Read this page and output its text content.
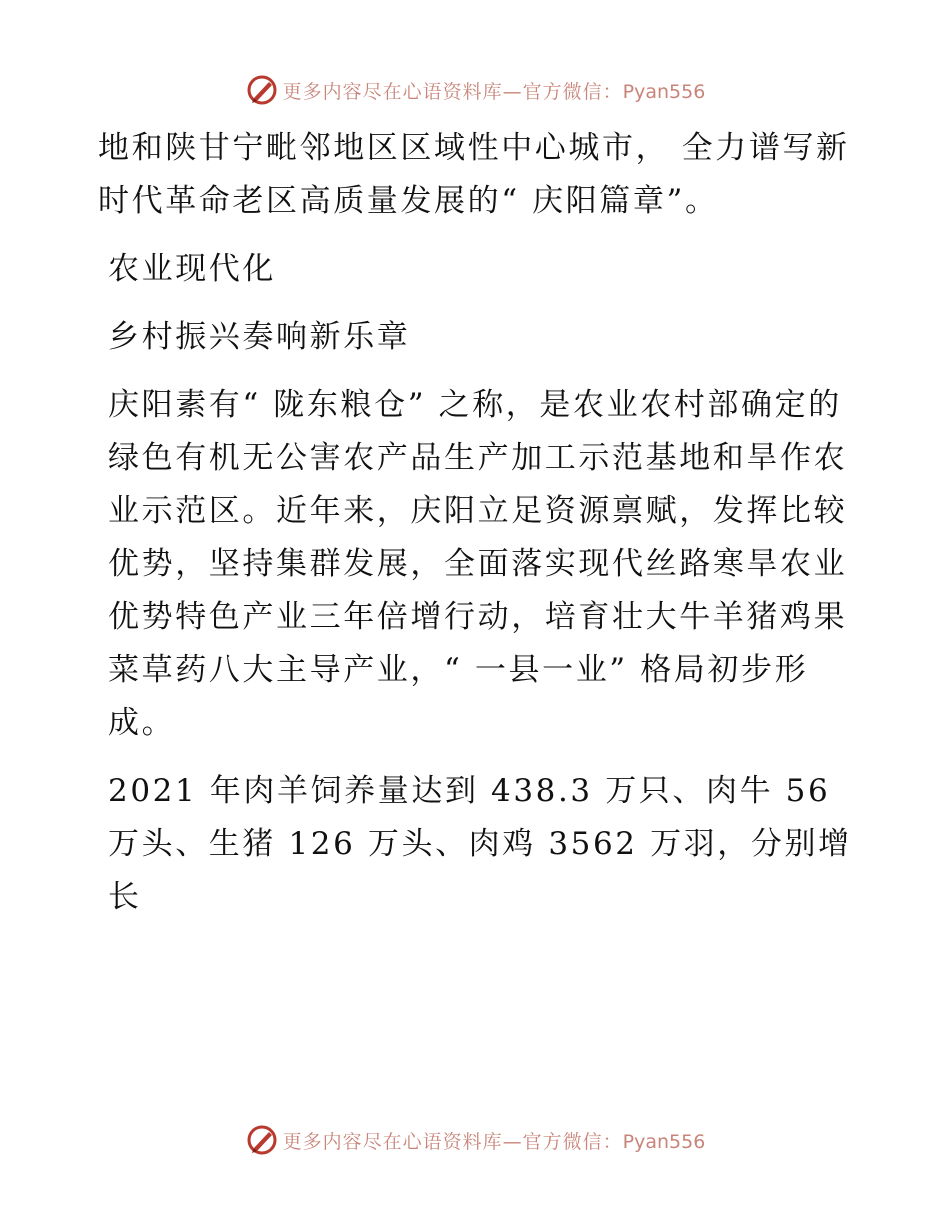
更多内容尽在心语资料库—官方微信：Pyan556

地和陕甘宁毗邻地区区域性中心城市， 全力谱写新时代革命老区高质量发展的“ 庆阳篇章”。

农业现代化

乡村振兴奏响新乐章

庆阳素有“ 陇东粮仓” 之称，是农业农村部确定的绿色有机无公害农产品生产加工示范基地和旱作农业示范区。近年来，庆阳立足资源禀赋，发挥比较优势，坚持集群发展，全面落实现代丝路寒旱农业优势特色产业三年倍增行动，培育壮大牛羊猪鸡果菜草药八大主导产业，“ 一县一业” 格局初步形成。

2021 年肉羊饲养量达到 438.3 万只、肉牛 56 万头、生猪 126 万头、肉鸡 3562 万羽，分别增长

更多内容尽在心语资料库—官方微信：Pyan556
